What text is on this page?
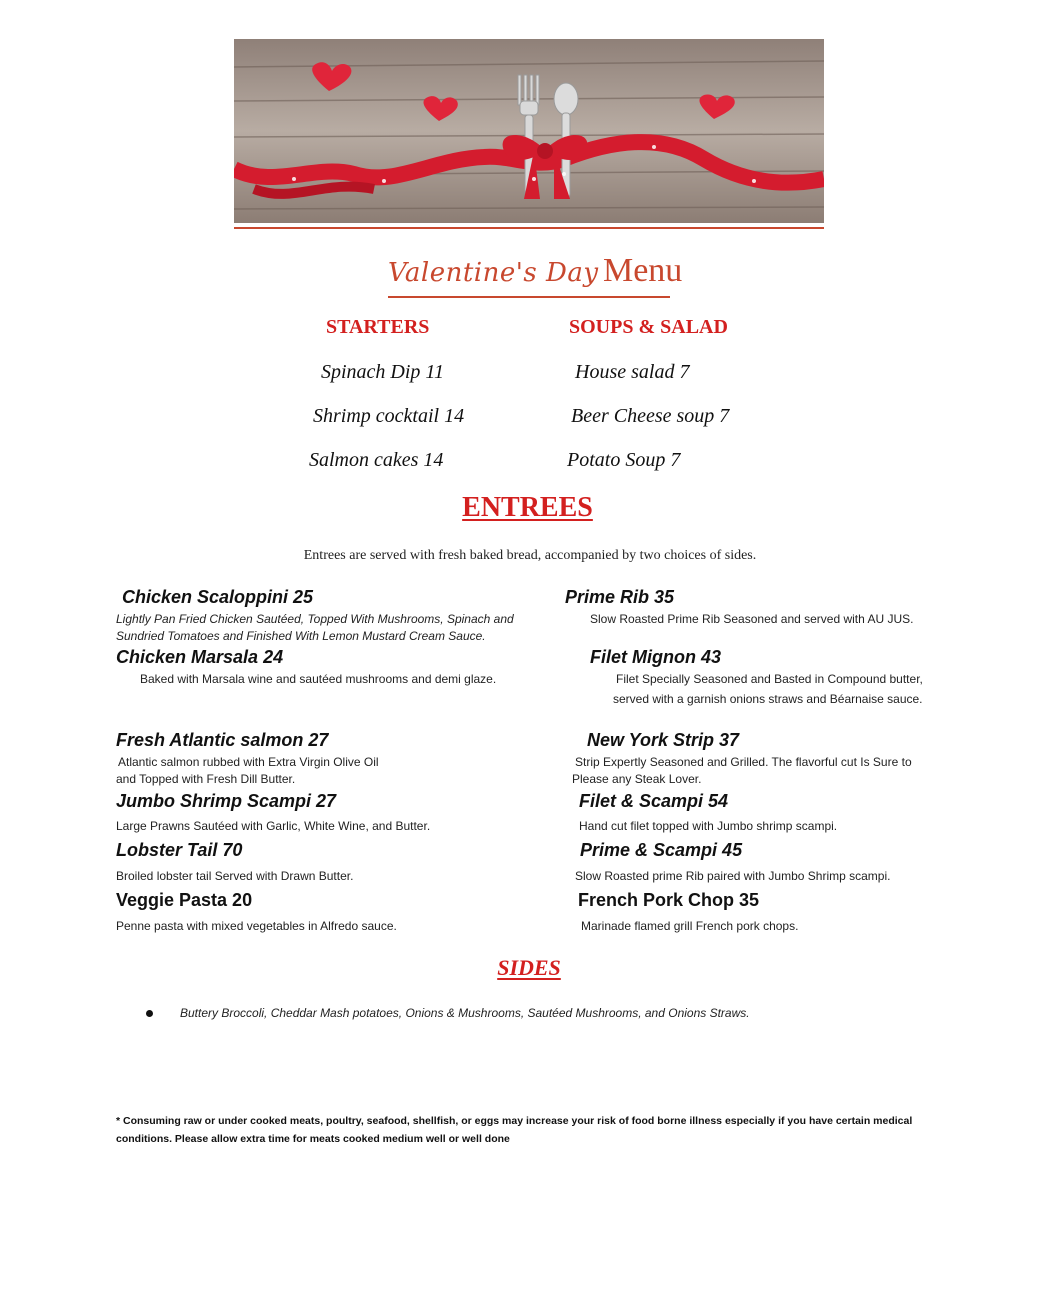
Valentine's Day Menu
STARTERS	SOUPS & SALAD
Spinach Dip 11
Shrimp cocktail 14
Salmon cakes 14
House salad 7
Beer Cheese soup 7
Potato Soup 7
ENTREES
Entrees are served with fresh baked bread, accompanied by two choices of sides.
Chicken Scaloppini 25
Lightly Pan Fried Chicken Sautéed, Topped With Mushrooms, Spinach and
Sundried Tomatoes and Finished With Lemon Mustard Cream Sauce.
Chicken Marsala 24
Baked with Marsala wine and sautéed mushrooms and demi glaze.
Fresh Atlantic salmon 27
Atlantic salmon rubbed with Extra Virgin Olive Oil
and Topped with Fresh Dill Butter.
Jumbo Shrimp Scampi 27
Large Prawns Sautéed with Garlic, White Wine, and Butter.
Lobster Tail 70
Broiled lobster tail Served with Drawn Butter.
Veggie Pasta 20
Penne pasta with mixed vegetables in Alfredo sauce.
Prime Rib 35
Slow Roasted Prime Rib Seasoned and served with AU JUS.
Filet Mignon 43
Filet Specially Seasoned and Basted in Compound butter,
served with a garnish onions straws and Béarnaise sauce.
New York Strip 37
Strip Expertly Seasoned and Grilled. The flavorful cut Is Sure to
Please any Steak Lover.
Filet & Scampi 54
Hand cut filet topped with Jumbo shrimp scampi.
Prime & Scampi 45
Slow Roasted prime Rib paired with Jumbo Shrimp scampi.
French Pork Chop 35
Marinade flamed grill French pork chops.
SIDES
Buttery Broccoli, Cheddar Mash potatoes, Onions & Mushrooms, Sautéed Mushrooms, and Onions Straws.
* Consuming raw or under cooked meats, poultry, seafood, shellfish, or eggs may increase your risk of food borne illness especially if you have certain medical
conditions. Please allow extra time for meats cooked medium well or well done
